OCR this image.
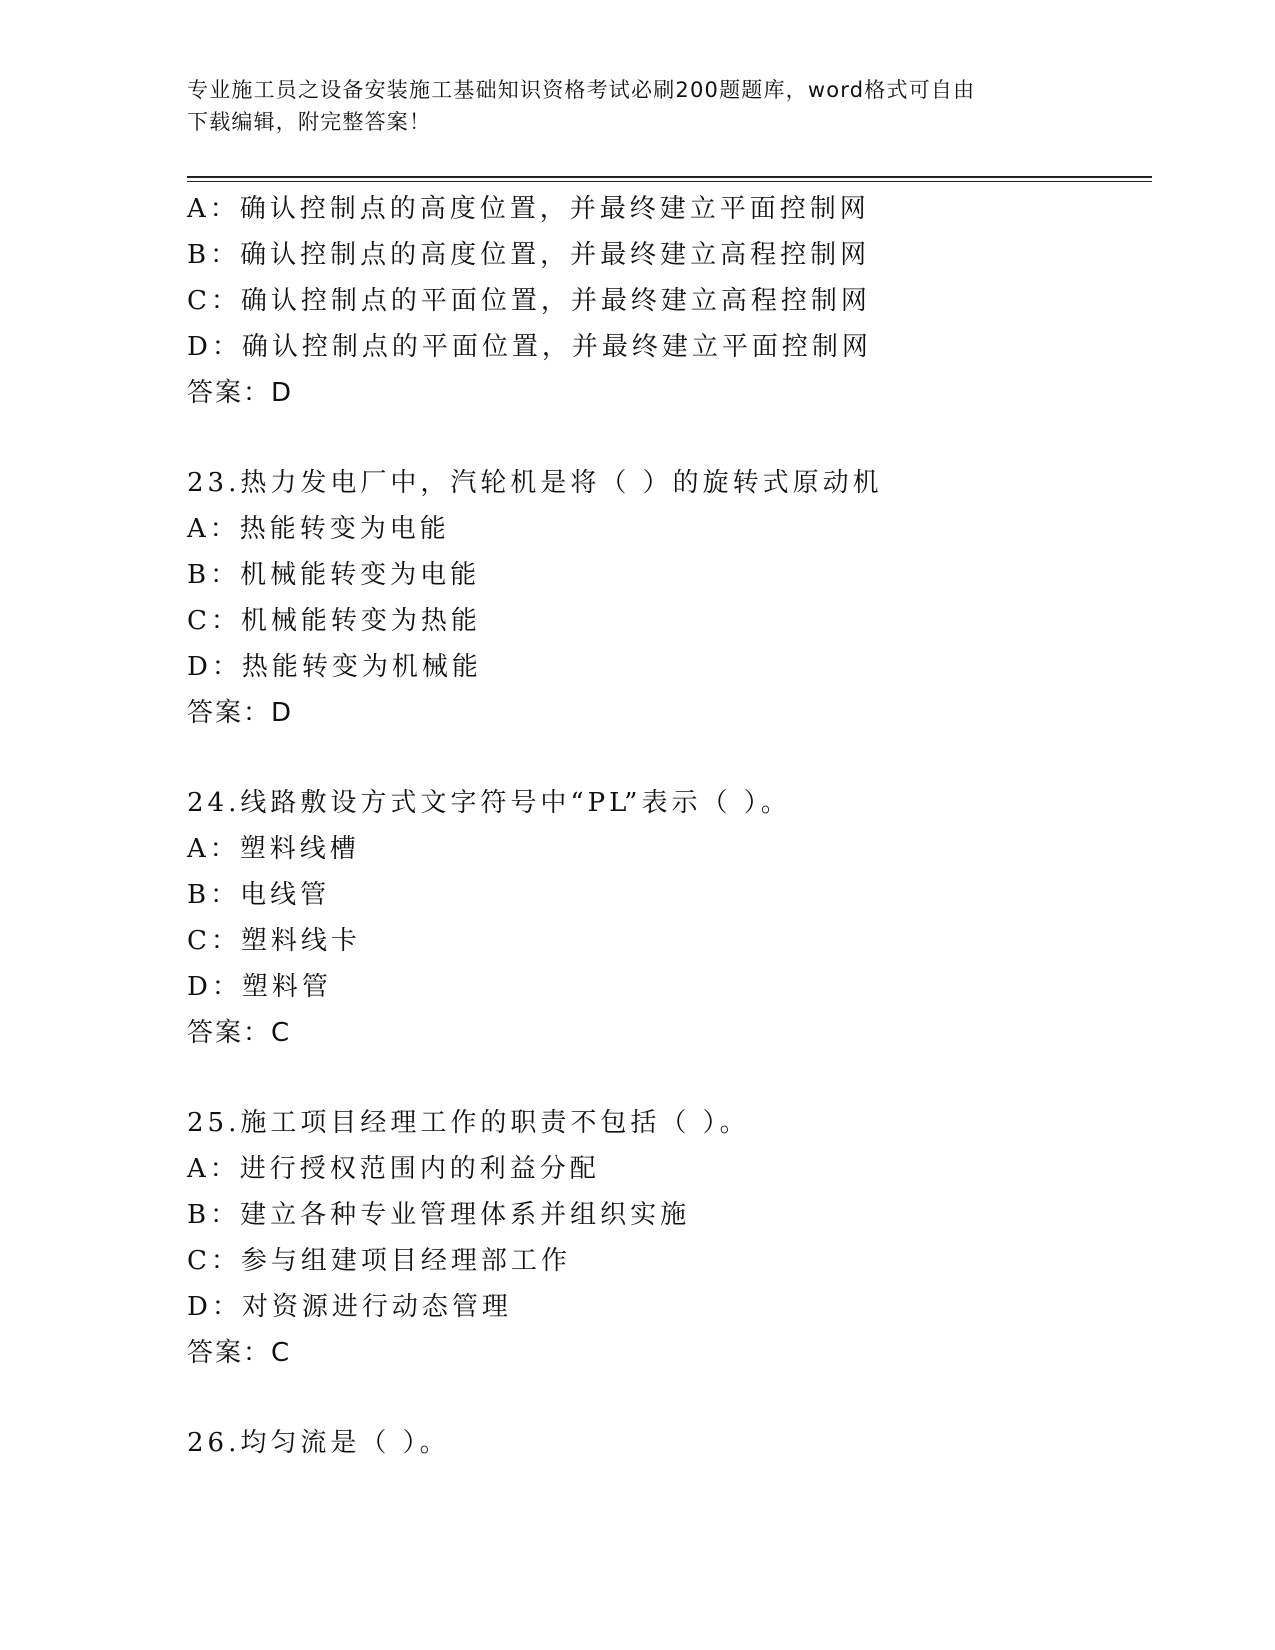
专业施工员之设备安装施工基础知识资格考试必刷200题题库，word格式可自由
下载编辑，附完整答案！
A：确认控制点的高度位置，并最终建立平面控制网
B：确认控制点的高度位置，并最终建立高程控制网
C：确认控制点的平面位置，并最终建立高程控制网
D：确认控制点的平面位置，并最终建立平面控制网
答案：D
23.热力发电厂中，汽轮机是将（ ）的旋转式原动机
A：热能转变为电能
B：机械能转变为电能
C：机械能转变为热能
D：热能转变为机械能
答案：D
24.线路敷设方式文字符号中“PL”表示（ ）。
A：塑料线槽
B：电线管
C：塑料线卡
D：塑料管
答案：C
25.施工项目经理工作的职责不包括（ ）。
A：进行授权范围内的利益分配
B：建立各种专业管理体系并组织实施
C：参与组建项目经理部工作
D：对资源进行动态管理
答案：C
26.均匀流是（ ）。
